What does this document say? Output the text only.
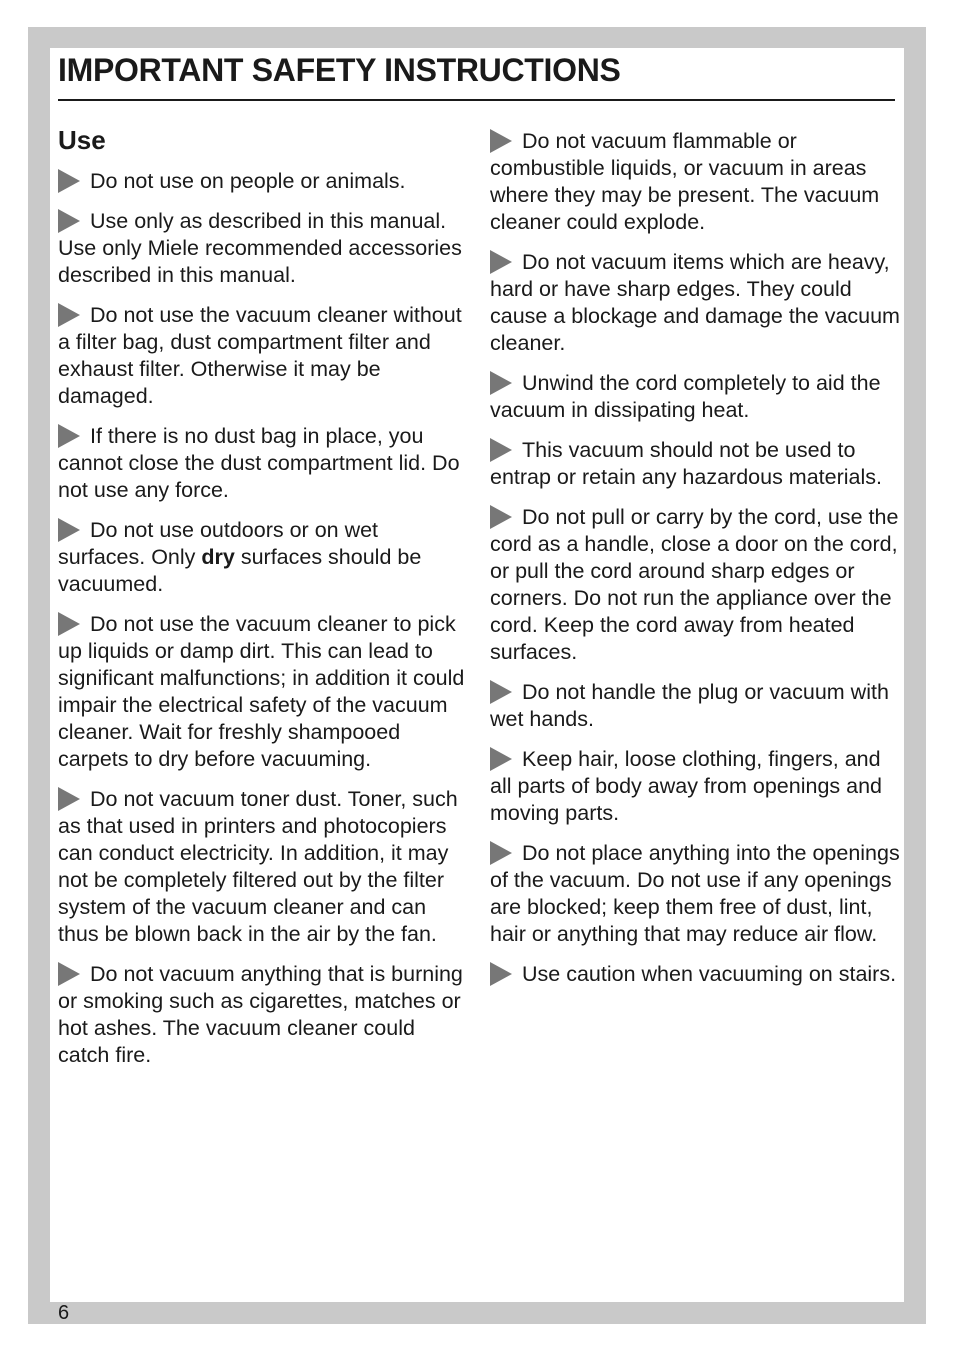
IMPORTANT SAFETY INSTRUCTIONS
Use

Do not use on people or animals.

Use only as described in this manual. Use only Miele recommended accessories described in this manual.

Do not use the vacuum cleaner without a filter bag, dust compartment filter and exhaust filter. Otherwise it may be damaged.

If there is no dust bag in place, you cannot close the dust compartment lid. Do not use any force.

Do not use outdoors or on wet surfaces. Only dry surfaces should be vacuumed.

Do not use the vacuum cleaner to pick up liquids or damp dirt. This can lead to significant malfunctions; in addition it could impair the electrical safety of the vacuum cleaner. Wait for freshly shampooed carpets to dry before vacuuming.

Do not vacuum toner dust. Toner, such as that used in printers and photocopiers can conduct electricity. In addition, it may not be completely filtered out by the filter system of the vacuum cleaner and can thus be blown back in the air by the fan.

Do not vacuum anything that is burning or smoking such as cigarettes, matches or hot ashes. The vacuum cleaner could catch fire.

Do not vacuum flammable or combustible liquids, or vacuum in areas where they may be present. The vacuum cleaner could explode.

Do not vacuum items which are heavy, hard or have sharp edges. They could cause a blockage and damage the vacuum cleaner.

Unwind the cord completely to aid the vacuum in dissipating heat.

This vacuum should not be used to entrap or retain any hazardous materials.

Do not pull or carry by the cord, use the cord as a handle, close a door on the cord, or pull the cord around sharp edges or corners. Do not run the appliance over the cord. Keep the cord away from heated surfaces.

Do not handle the plug or vacuum with wet hands.

Keep hair, loose clothing, fingers, and all parts of body away from openings and moving parts.

Do not place anything into the openings of the vacuum. Do not use if any openings are blocked; keep them free of dust, lint, hair or anything that may reduce air flow.

Use caution when vacuuming on stairs.

6
